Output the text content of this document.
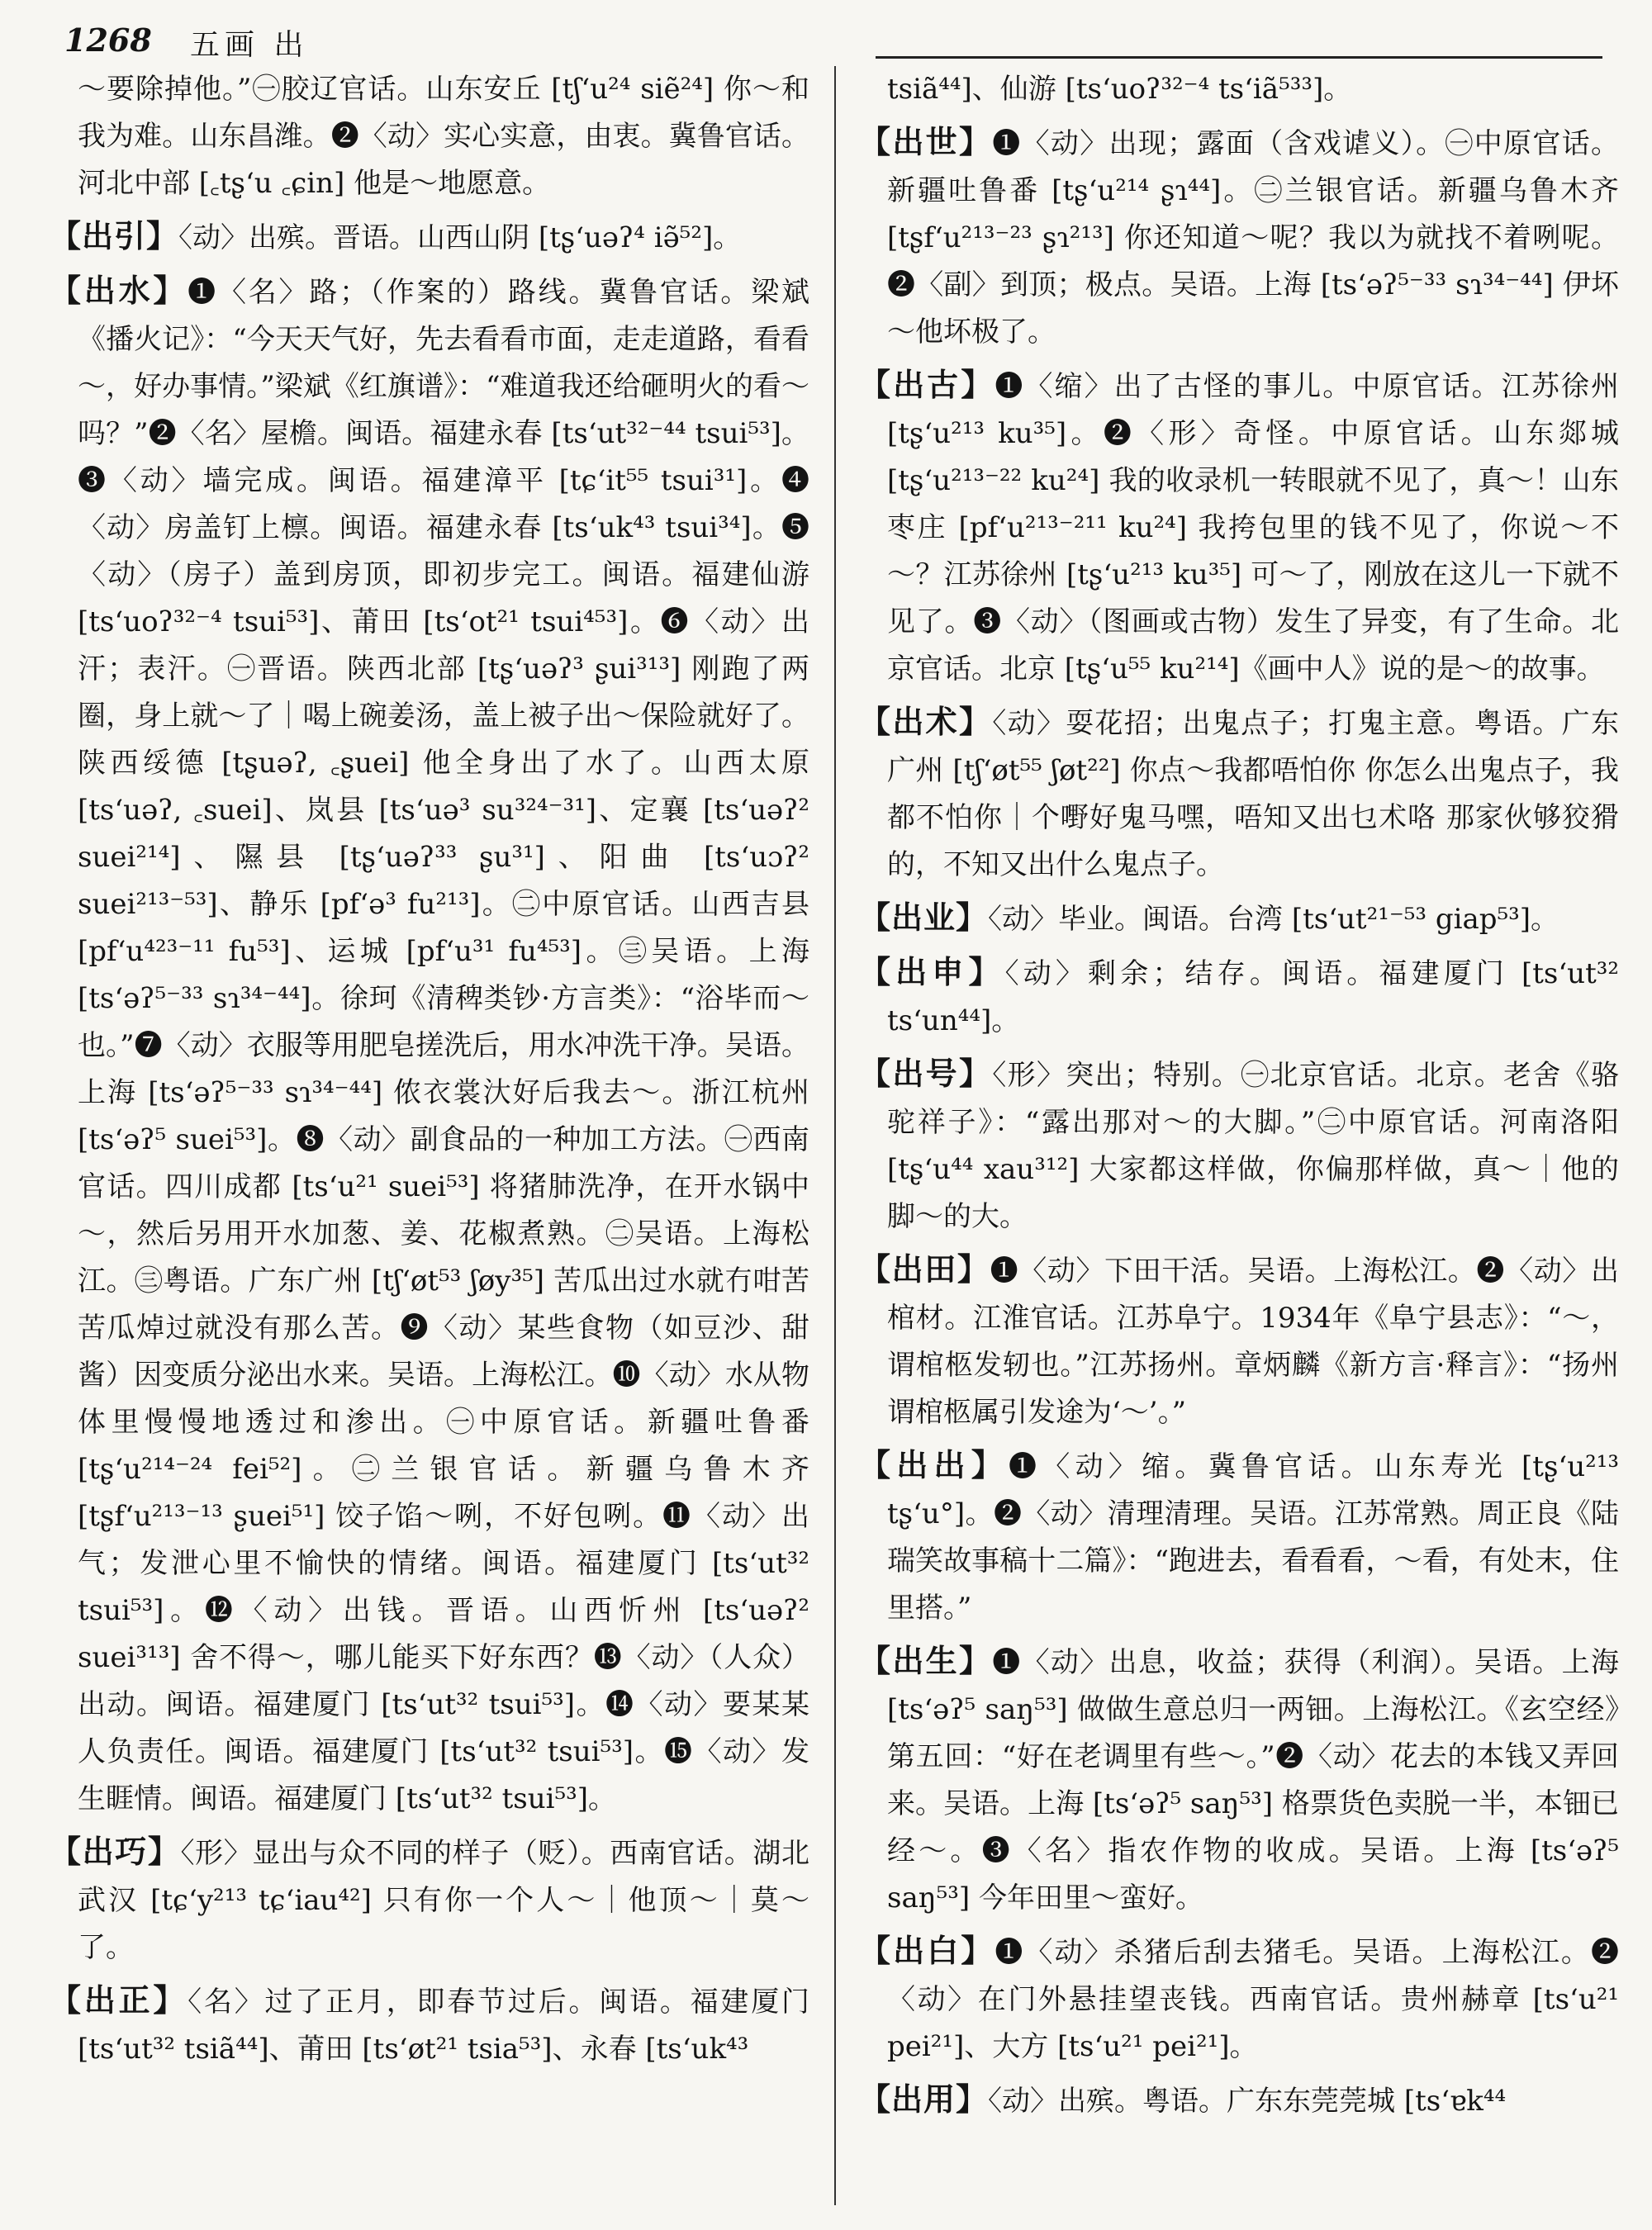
1268 五画 出

～要除掉他。”㊀胶辽官话。山东安丘 [tʃ‘u²⁴ siẽ²⁴] 你～和我为难。山东昌潍。❷〈动〉实心实意，由衷。冀鲁官话。河北中部 [꜀tʂ‘u ꜀ɕin] 他是～地愿意。

【出引】〈动〉出殡。晋语。山西山阴 [tʂ‘uəʔ⁴ iə̃⁵²]。

【出水】❶〈名〉路；（作案的）路线。冀鲁官话。梁斌《播火记》：“今天天气好，先去看看市面，走走道路，看看～，好办事情。”梁斌《红旗谱》：“难道我还给砸明火的看～吗？”❷〈名〉屋檐。闽语。福建永春 [ts‘ut³²⁻⁴⁴ tsui⁵³]。❸〈动〉墙完成。闽语。福建漳平 [tɕ‘it⁵⁵ tsui³¹]。❹〈动〉房盖钉上檩。闽语。福建永春 [ts‘uk⁴³ tsui³⁴]。❺〈动〉（房子）盖到房顶，即初步完工。闽语。福建仙游 [ts‘uoʔ³²⁻⁴ tsui⁵³]、莆田 [ts‘ot²¹ tsui⁴⁵³]。❻〈动〉出汗；表汗。㊀晋语。陕西北部 [tʂ‘uəʔ³ ʂui³¹³] 刚跑了两圈，身上就～了｜喝上碗姜汤，盖上被子出～保险就好了。陕西绥德 [tʂuəʔ, ꜀ʂuei] 他全身出了水了。山西太原 [ts‘uəʔ, ꜀suei]、岚县 [ts‘uə³ su³²⁴⁻³¹]、定襄 [ts‘uəʔ² suei²¹⁴]、隰县 [tʂ‘uəʔ³³ ʂu³¹]、阳曲 [ts‘uɔʔ² suei²¹³⁻⁵³]、静乐 [pf‘ə³ fu²¹³]。㊁中原官话。山西吉县 [pf‘u⁴²³⁻¹¹ fu⁵³]、运城 [pf‘u³¹ fu⁴⁵³]。㊂吴语。上海 [ts‘əʔ⁵⁻³³ sɿ³⁴⁻⁴⁴]。徐珂《清稗类钞·方言类》：“浴毕而～也。”❼〈动〉衣服等用肥皂搓洗后，用水冲洗干净。吴语。上海 [ts‘əʔ⁵⁻³³ sɿ³⁴⁻⁴⁴] 侬衣裳汏好后我去～。浙江杭州 [ts‘əʔ⁵ suei⁵³]。❽〈动〉副食品的一种加工方法。㊀西南官话。四川成都 [ts‘u²¹ suei⁵³] 将猪肺洗净，在开水锅中～，然后另用开水加葱、姜、花椒煮熟。㊁吴语。上海松江。㊂粤语。广东广州 [tʃ‘øt⁵³ ʃøy³⁵] 苦瓜出过水就冇咁苦 苦瓜焯过就没有那么苦。❾〈动〉某些食物（如豆沙、甜酱）因变质分泌出水来。吴语。上海松江。❿〈动〉水从物体里慢慢地透过和渗出。㊀中原官话。新疆吐鲁番 [tʂ‘u²¹⁴⁻²⁴ fei⁵²]。㊁兰银官话。新疆乌鲁木齐 [tʂf‘u²¹³⁻¹³ ʂuei⁵¹] 饺子馅～咧，不好包咧。⓫〈动〉出气；发泄心里不愉快的情绪。闽语。福建厦门 [ts‘ut³² tsui⁵³]。⓬〈动〉出钱。晋语。山西忻州 [ts‘uəʔ² suei³¹³] 舍不得～，哪儿能买下好东西？⓭〈动〉（人众）出动。闽语。福建厦门 [ts‘ut³² tsui⁵³]。⓮〈动〉要某某人负责任。闽语。福建厦门 [ts‘ut³² tsui⁵³]。⓯〈动〉发生睚情。闽语。福建厦门 [ts‘ut³² tsui⁵³]。

【出巧】〈形〉显出与众不同的样子（贬）。西南官话。湖北武汉 [tɕ‘y²¹³ tɕ‘iau⁴²] 只有你一个人～｜他顶～｜莫～了。

【出正】〈名〉过了正月，即春节过后。闽语。福建厦门 [ts‘ut³² tsiã⁴⁴]、莆田 [ts‘øt²¹ tsia⁵³]、永春 [ts‘uk⁴³

tsiã⁴⁴]、仙游 [ts‘uoʔ³²⁻⁴ ts‘iã⁵³³]。

【出世】❶〈动〉出现；露面（含戏谑义）。㊀中原官话。新疆吐鲁番 [tʂ‘u²¹⁴ ʂɿ⁴⁴]。㊁兰银官话。新疆乌鲁木齐 [tʂf‘u²¹³⁻²³ ʂɿ²¹³] 你还知道～呢？我以为就找不着咧呢。❷〈副〉到顶；极点。吴语。上海 [ts‘əʔ⁵⁻³³ sɿ³⁴⁻⁴⁴] 伊坏～他坏极了。

【出古】❶〈缩〉出了古怪的事儿。中原官话。江苏徐州 [tʂ‘u²¹³ ku³⁵]。❷〈形〉奇怪。中原官话。山东郯城 [tʂ‘u²¹³⁻²² ku²⁴] 我的收录机一转眼就不见了，真～！山东枣庄 [pf‘u²¹³⁻²¹¹ ku²⁴] 我挎包里的钱不见了，你说～不～？江苏徐州 [tʂ‘u²¹³ ku³⁵] 可～了，刚放在这儿一下就不见了。❸〈动〉（图画或古物）发生了异变，有了生命。北京官话。北京 [tʂ‘u⁵⁵ ku²¹⁴]《画中人》说的是～的故事。

【出术】〈动〉耍花招；出鬼点子；打鬼主意。粤语。广东广州 [tʃ‘øt⁵⁵ ʃøt²²] 你点～我都唔怕你 你怎么出鬼点子，我都不怕你｜个嘢好鬼马嘿，唔知又出乜术咯 那家伙够狡猾的，不知又出什么鬼点子。

【出业】〈动〉毕业。闽语。台湾 [ts‘ut²¹⁻⁵³ giap⁵³]。

【出申】〈动〉剩余；结存。闽语。福建厦门 [ts‘ut³² ts‘un⁴⁴]。

【出号】〈形〉突出；特别。㊀北京官话。北京。老舍《骆驼祥子》：“露出那对～的大脚。”㊁中原官话。河南洛阳 [tʂ‘u⁴⁴ xau³¹²] 大家都这样做，你偏那样做，真～｜他的脚～的大。

【出田】❶〈动〉下田干活。吴语。上海松江。❷〈动〉出棺材。江淮官话。江苏阜宁。1934年《阜宁县志》：“～，谓棺柩发轫也。”江苏扬州。章炳麟《新方言·释言》：“扬州谓棺柩属引发途为‘～’。”

【出出】❶〈动〉缩。冀鲁官话。山东寿光 [tʂ‘u²¹³ tʂ‘u°]。❷〈动〉清理清理。吴语。江苏常熟。周正良《陆瑞笑故事稿十二篇》：“跑进去，看看看，～看，有处末，住里搭。”

【出生】❶〈动〉出息，收益；获得（利润）。吴语。上海 [ts‘əʔ⁵ saŋ⁵³] 做做生意总归一两钿。上海松江。《玄空经》第五回：“好在老调里有些～。”❷〈动〉花去的本钱又弄回来。吴语。上海 [ts‘əʔ⁵ saŋ⁵³] 格票货色卖脱一半，本钿已经～。❸〈名〉指农作物的收成。吴语。上海 [ts‘əʔ⁵ saŋ⁵³] 今年田里～蛮好。

【出白】❶〈动〉杀猪后刮去猪毛。吴语。上海松江。❷〈动〉在门外悬挂望丧钱。西南官话。贵州赫章 [ts‘u²¹ pei²¹]、大方 [ts‘u²¹ pei²¹]。

【出用】〈动〉出殡。粤语。广东东莞莞城 [ts‘ɐk⁴⁴
